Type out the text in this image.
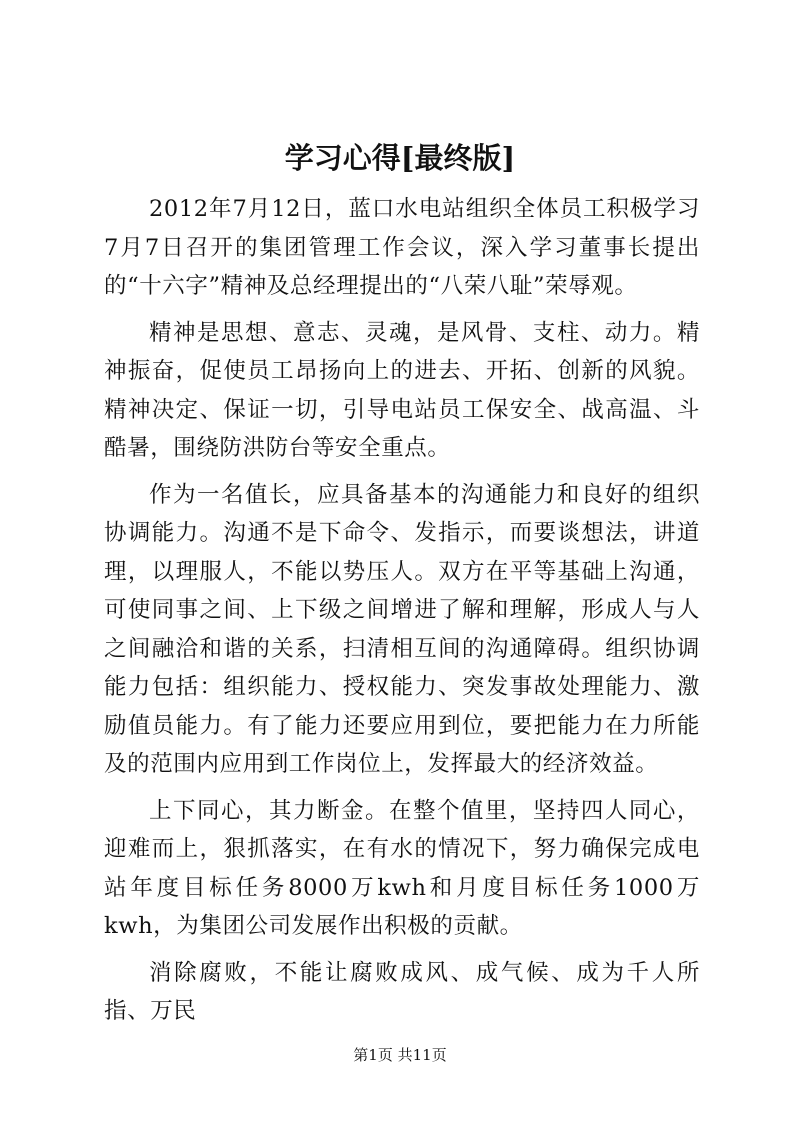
学习心得[最终版]

2012年7月12日，蓝口水电站组织全体员工积极学习7月7日召开的集团管理工作会议，深入学习董事长提出的“十六字”精神及总经理提出的“八荣八耻”荣辱观。

精神是思想、意志、灵魂，是风骨、支柱、动力。精神振奋，促使员工昂扬向上的进去、开拓、创新的风貌。精神决定、保证一切，引导电站员工保安全、战高温、斗酷暑，围绕防洪防台等安全重点。

作为一名值长，应具备基本的沟通能力和良好的组织协调能力。沟通不是下命令、发指示，而要谈想法，讲道理，以理服人，不能以势压人。双方在平等基础上沟通，可使同事之间、上下级之间增进了解和理解，形成人与人之间融洽和谐的关系，扫清相互间的沟通障碍。组织协调能力包括：组织能力、授权能力、突发事故处理能力、激励值员能力。有了能力还要应用到位，要把能力在力所能及的范围内应用到工作岗位上，发挥最大的经济效益。

上下同心，其力断金。在整个值里，坚持四人同心，迎难而上，狠抓落实，在有水的情况下，努力确保完成电站年度目标任务8000万kwh和月度目标任务1000万kwh，为集团公司发展作出积极的贡献。

消除腐败，不能让腐败成风、成气候、成为千人所指、万民

第1页 共11页
